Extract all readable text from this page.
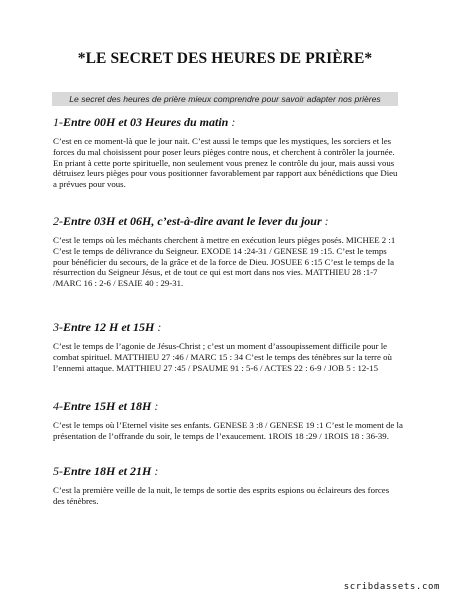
*LE SECRET DES HEURES DE PRIÈRE*
Le secret des heures de prière mieux comprendre pour savoir adapter nos prières

1-Entre 00H et 03 Heures du matin :

C’est en ce moment-là que le jour nait. C’est aussi le temps que les mystiques, les sorciers et les forces du mal choisissent pour poser leurs pièges contre nous, et cherchent à contrôler la journée. En priant à cette porte spirituelle, non seulement vous prenez le contrôle du jour, mais aussi vous détruisez leurs pièges pour vous positionner favorablement par rapport aux bénédictions que Dieu a prévues pour vous.

2-Entre 03H et 06H, c’est-à-dire avant le lever du jour :

C’est le temps où les méchants cherchent à mettre en exécution leurs pièges posés. MICHEE 2 :1 C’est le temps de délivrance du Seigneur. EXODE 14 :24-31 / GENESE 19 :15. C’est le temps pour bénéficier du secours, de la grâce et de la force de Dieu. JOSUEE 6 :15 C’est le temps de la résurrection du Seigneur Jésus, et de tout ce qui est mort dans nos vies. MATTHIEU 28 :1-7 /MARC 16 : 2-6 / ESAIE 40 : 29-31.

3-Entre 12 H et 15H :

C’est le temps de l’agonie de Jésus-Christ ; c’est un moment d’assoupissement difficile pour le combat spirituel. MATTHIEU 27 :46 / MARC 15 : 34 C’est le temps des ténèbres sur la terre où l’ennemi attaque. MATTHIEU 27 :45 / PSAUME 91 : 5-6 / ACTES 22 : 6-9 / JOB 5 : 12-15

4-Entre 15H et 18H :

C’est le temps où l’Eternel visite ses enfants. GENESE 3 :8 / GENESE 19 :1 C’est le moment de la présentation de l’offrande du soir, le temps de l’exaucement. 1ROIS 18 :29 / 1ROIS 18 : 36-39.

5-Entre 18H et 21H :

C’est la première veille de la nuit, le temps de sortie des esprits espions ou éclaireurs des forces des ténèbres.

scribdassets.com
